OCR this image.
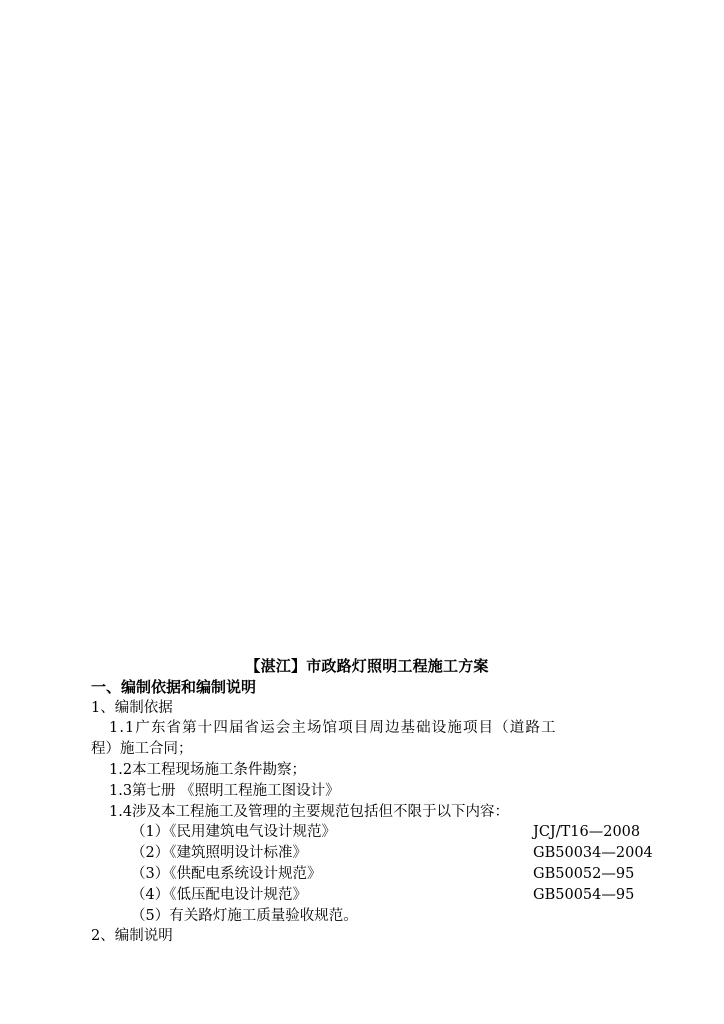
【湛江】市政路灯照明工程施工方案
一、编制依据和编制说明
1、编制依据
1.1广东省第十四届省运会主场馆项目周边基础设施项目（道路工
程）施工合同；
1.2本工程现场施工条件勘察；
1.3第七册 《照明工程施工图设计》
1.4涉及本工程施工及管理的主要规范包括但不限于以下内容：
（1）《民用建筑电气设计规范》	JCJ/T16—2008
（2）《建筑照明设计标准》	GB50034—2004
（3）《供配电系统设计规范》	GB50052—95
（4）《低压配电设计规范》	GB50054—95
（5）有关路灯施工质量验收规范。
2、编制说明
